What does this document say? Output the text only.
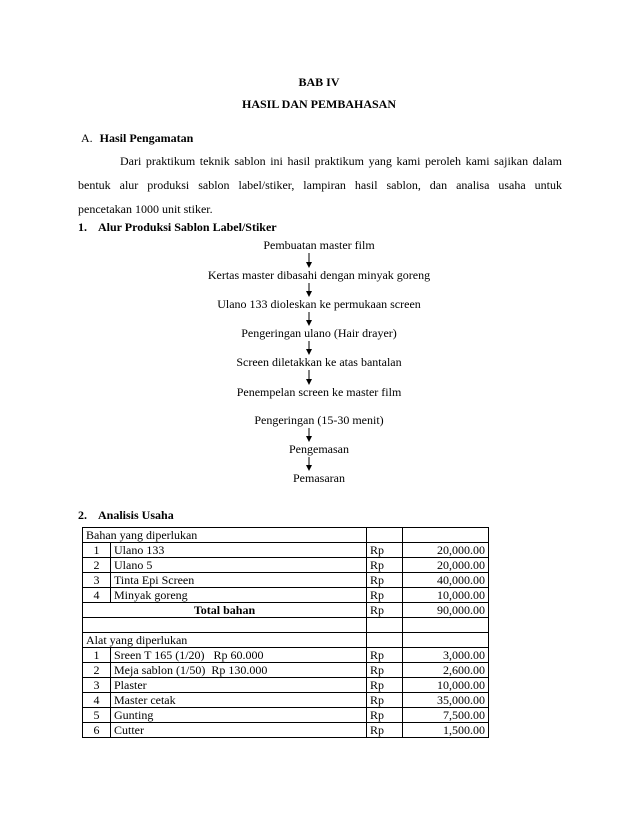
BAB IV
HASIL DAN PEMBAHASAN
A. Hasil Pengamatan
Dari praktikum teknik sablon ini hasil praktikum yang kami peroleh kami sajikan dalam
bentuk alur produksi sablon label/stiker, lampiran hasil sablon, dan analisa usaha untuk
pencetakan 1000 unit stiker.
1. Alur Produksi Sablon Label/Stiker
Pembuatan master film
Kertas master dibasahi dengan minyak goreng
Ulano 133 dioleskan ke permukaan screen
Pengeringan ulano (Hair drayer)
Screen diletakkan ke atas bantalan
Penempelan screen ke master film
Pengeringan (15-30 menit)
Pengemasan
Pemasaran
2. Analisis Usaha
Bahan yang diperlukan			
1	Ulano 133	Rp	20,000.00
2	Ulano 5	Rp	20,000.00
3	Tinta Epi Screen	Rp	40,000.00
4	Minyak goreng	Rp	10,000.00
Total bahan		Rp	90,000.00

Alat yang diperlukan			
1	Sreen T 165 (1/20)   Rp 60.000	Rp	3,000.00
2	Meja sablon (1/50)  Rp 130.000	Rp	2,600.00
3	Plaster	Rp	10,000.00
4	Master cetak	Rp	35,000.00
5	Gunting	Rp	7,500.00
6	Cutter	Rp	1,500.00
